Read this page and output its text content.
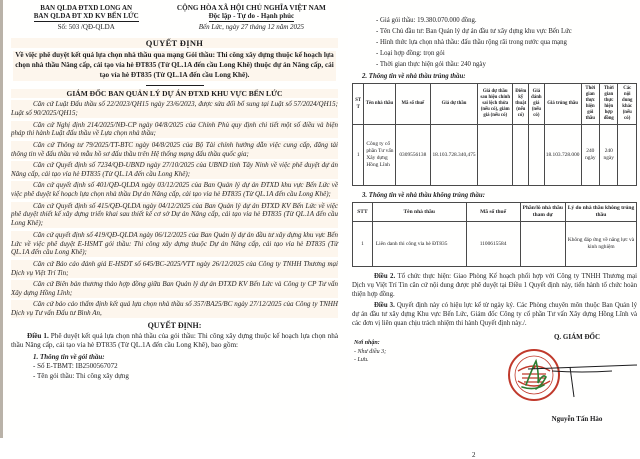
BAN QLDA ĐTXD LONG AN
BAN QLDA ĐT XD KV BẾN LỨC
Số: 503 /QĐ-QLDA
CỘNG HÒA XÃ HỘI CHỦ NGHĨA VIỆT NAM
Độc lập - Tự do - Hạnh phúc
Bến Lức, ngày 27 tháng 12 năm 2025
QUYẾT ĐỊNH
Về việc phê duyệt kết quả lựa chọn nhà thầu qua mạng Gói thầu: Thi công xây dựng thuộc kế hoạch lựa chọn nhà thầu Nâng cấp, cải tạo vỉa hè ĐT835 (Từ QL.1A đến cầu Long Khê) thuộc dự án Nâng cấp, cải tạo vỉa hè ĐT835 (Từ QL.1A đến cầu Long Khê).
GIÁM ĐỐC BAN QUẢN LÝ DỰ ÁN ĐTXD KHU VỰC BẾN LỨC

Căn cứ Luật Đấu thầu số 22/2023/QH15 ngày 23/6/2023, được sửa đổi bổ sung tại Luật số 57/2024/QH15; Luật số 90/2025/QH15;

Căn cứ Nghị định 214/2025/NĐ-CP ngày 04/8/2025 của Chính Phủ quy định chi tiết một số điều và biện pháp thi hành Luật đấu thầu về Lựa chọn nhà thầu;

Căn cứ Thông tư 79/2025/TT-BTC ngày 04/8/2025 của Bộ Tài chính hướng dẫn việc cung cấp, đăng tải thông tin về đấu thầu và mẫu hồ sơ đấu thầu trên Hệ thống mạng đấu thầu quốc gia;

Căn cứ Quyết định số 7234/QĐ-UBND ngày 27/10/2025 của UBND tỉnh Tây Ninh về việc phê duyệt dự án Nâng cấp, cải tạo vỉa hè ĐT835 (Từ QL.1A đến cầu Long Khê);

Căn cứ quyết định số 401/QĐ-QLDA ngày 03/12/2025 của Ban Quản lý dự án ĐTXD khu vực Bến Lức về việc phê duyệt kế hoạch lựa chọn nhà thầu Dự án Nâng cấp, cải tạo vỉa hè ĐT835 (Từ QL.1A đến cầu Long Khê);

Căn cứ Quyết định số 415/QĐ-QLDA ngày 04/12/2025 của Ban Quản lý dự án ĐTXD KV Bến Lức về việc phê duyệt thiết kế xây dựng triển khai sau thiết kế cơ sở Dự án Nâng cấp, cải tạo vỉa hè ĐT835 (Từ QL.1A đến cầu Long Khê);

Căn cứ quyết định số 419/QĐ-QLDA ngày 06/12/2025 của Ban Quản lý dự án đầu tư xây dựng khu vực Bến Lức về việc phê duyệt E-HSMT gói thầu: Thi công xây dựng thuộc Dự án Nâng cấp, cải tạo vỉa hè ĐT835 (Từ QL.1A đến cầu Long Khê);

Căn cứ Báo cáo đánh giá E-HSDT số 645/BC-2025/VTT ngày 26/12/2025 của Công ty TNHH Thương mại Dịch vụ Việt Trí Tin;

Căn cứ Biên bản thương thảo hợp đồng giữa Ban Quản lý dự án ĐTXD KV Bến Lức và Công ty CP Tư vấn Xây dựng Hồng Lĩnh;

Căn cứ báo cáo thẩm định kết quả lựa chọn nhà thầu số 357/BA25/BC ngày 27/12/2025 của Công ty TNHH Dịch vụ Tư vấn Đấu tư Bình An,

QUYẾT ĐỊNH:

Điều 1. Phê duyệt kết quả lựa chọn nhà thầu của gói thầu: Thi công xây dựng thuộc kế hoạch lựa chọn nhà thầu Nâng cấp, cải tạo vỉa hè ĐT835 (Từ QL.1A đến cầu Long Khê), bao gồm:

1. Thông tin về gói thầu:
- Số E-TBMT: IB2500567072
- Tên gói thầu: Thi công xây dựng
- Giá gói thầu: 19.380.070.000 đồng.
- Tên Chủ đầu tư: Ban Quản lý dự án đầu tư xây dựng khu vực Bến Lức
- Hình thức lựa chọn nhà thầu: đấu thầu rộng rãi trong nước qua mạng
- Loại hợp đồng: trọn gói
- Thời gian thực hiện gói thầu: 240 ngày
2. Thông tin về nhà thầu trúng thầu:
STT	Tên nhà thầu	Mã số thuế	Giá dự thầu	Giá dự thầu sau hiệu chỉnh sai lệch thừa (nếu có), giảm giá (nếu có)	Điểm kỹ thuật (nếu có)	Giá đánh giá (nếu có)	Giá trúng thầu	Thời gian thực hiện gói thầu	Thời gian thực hiện hợp đồng	Các nội dung khác (nếu có)
1	Công ty cổ phần Tư vấn Xây dựng Hồng Lĩnh	0309556138	18.103.728.340,475				18.103.728.000	240 ngày	240 ngày	
3. Thông tin về nhà thầu không trúng thầu:
STT	Tên nhà thầu	Mã số thuế	Phần/lô nhà thầu tham dự	Lý do nhà thầu không trúng thầu
1	Liên danh thi công vỉa hè ĐT835	1100615584		Không đáp ứng về năng lực và kinh nghiệm

Điều 2. Tổ chức thực hiện: Giao Phòng Kế hoạch phối hợp với Công ty TNHH Thương mại Dịch vụ Việt Trí Tin căn cứ nội dung được phê duyệt tại Điều 1 Quyết định này, tiến hành tổ chức hoàn thiện hợp đồng.

Điều 3. Quyết định này có hiệu lực kể từ ngày ký. Các Phòng chuyên môn thuộc Ban Quản lý dự án đầu tư xây dựng Khu vực Bến Lức, Giám đốc Công ty cổ phần Tư vấn Xây dựng Hồng Lĩnh và các đơn vị liên quan chịu trách nhiệm thi hành Quyết định này./.

Nơi nhận:
- Như điều 3;
- Lưu.
Q. GIÁM ĐỐC
Nguyễn Tấn Hào
2
